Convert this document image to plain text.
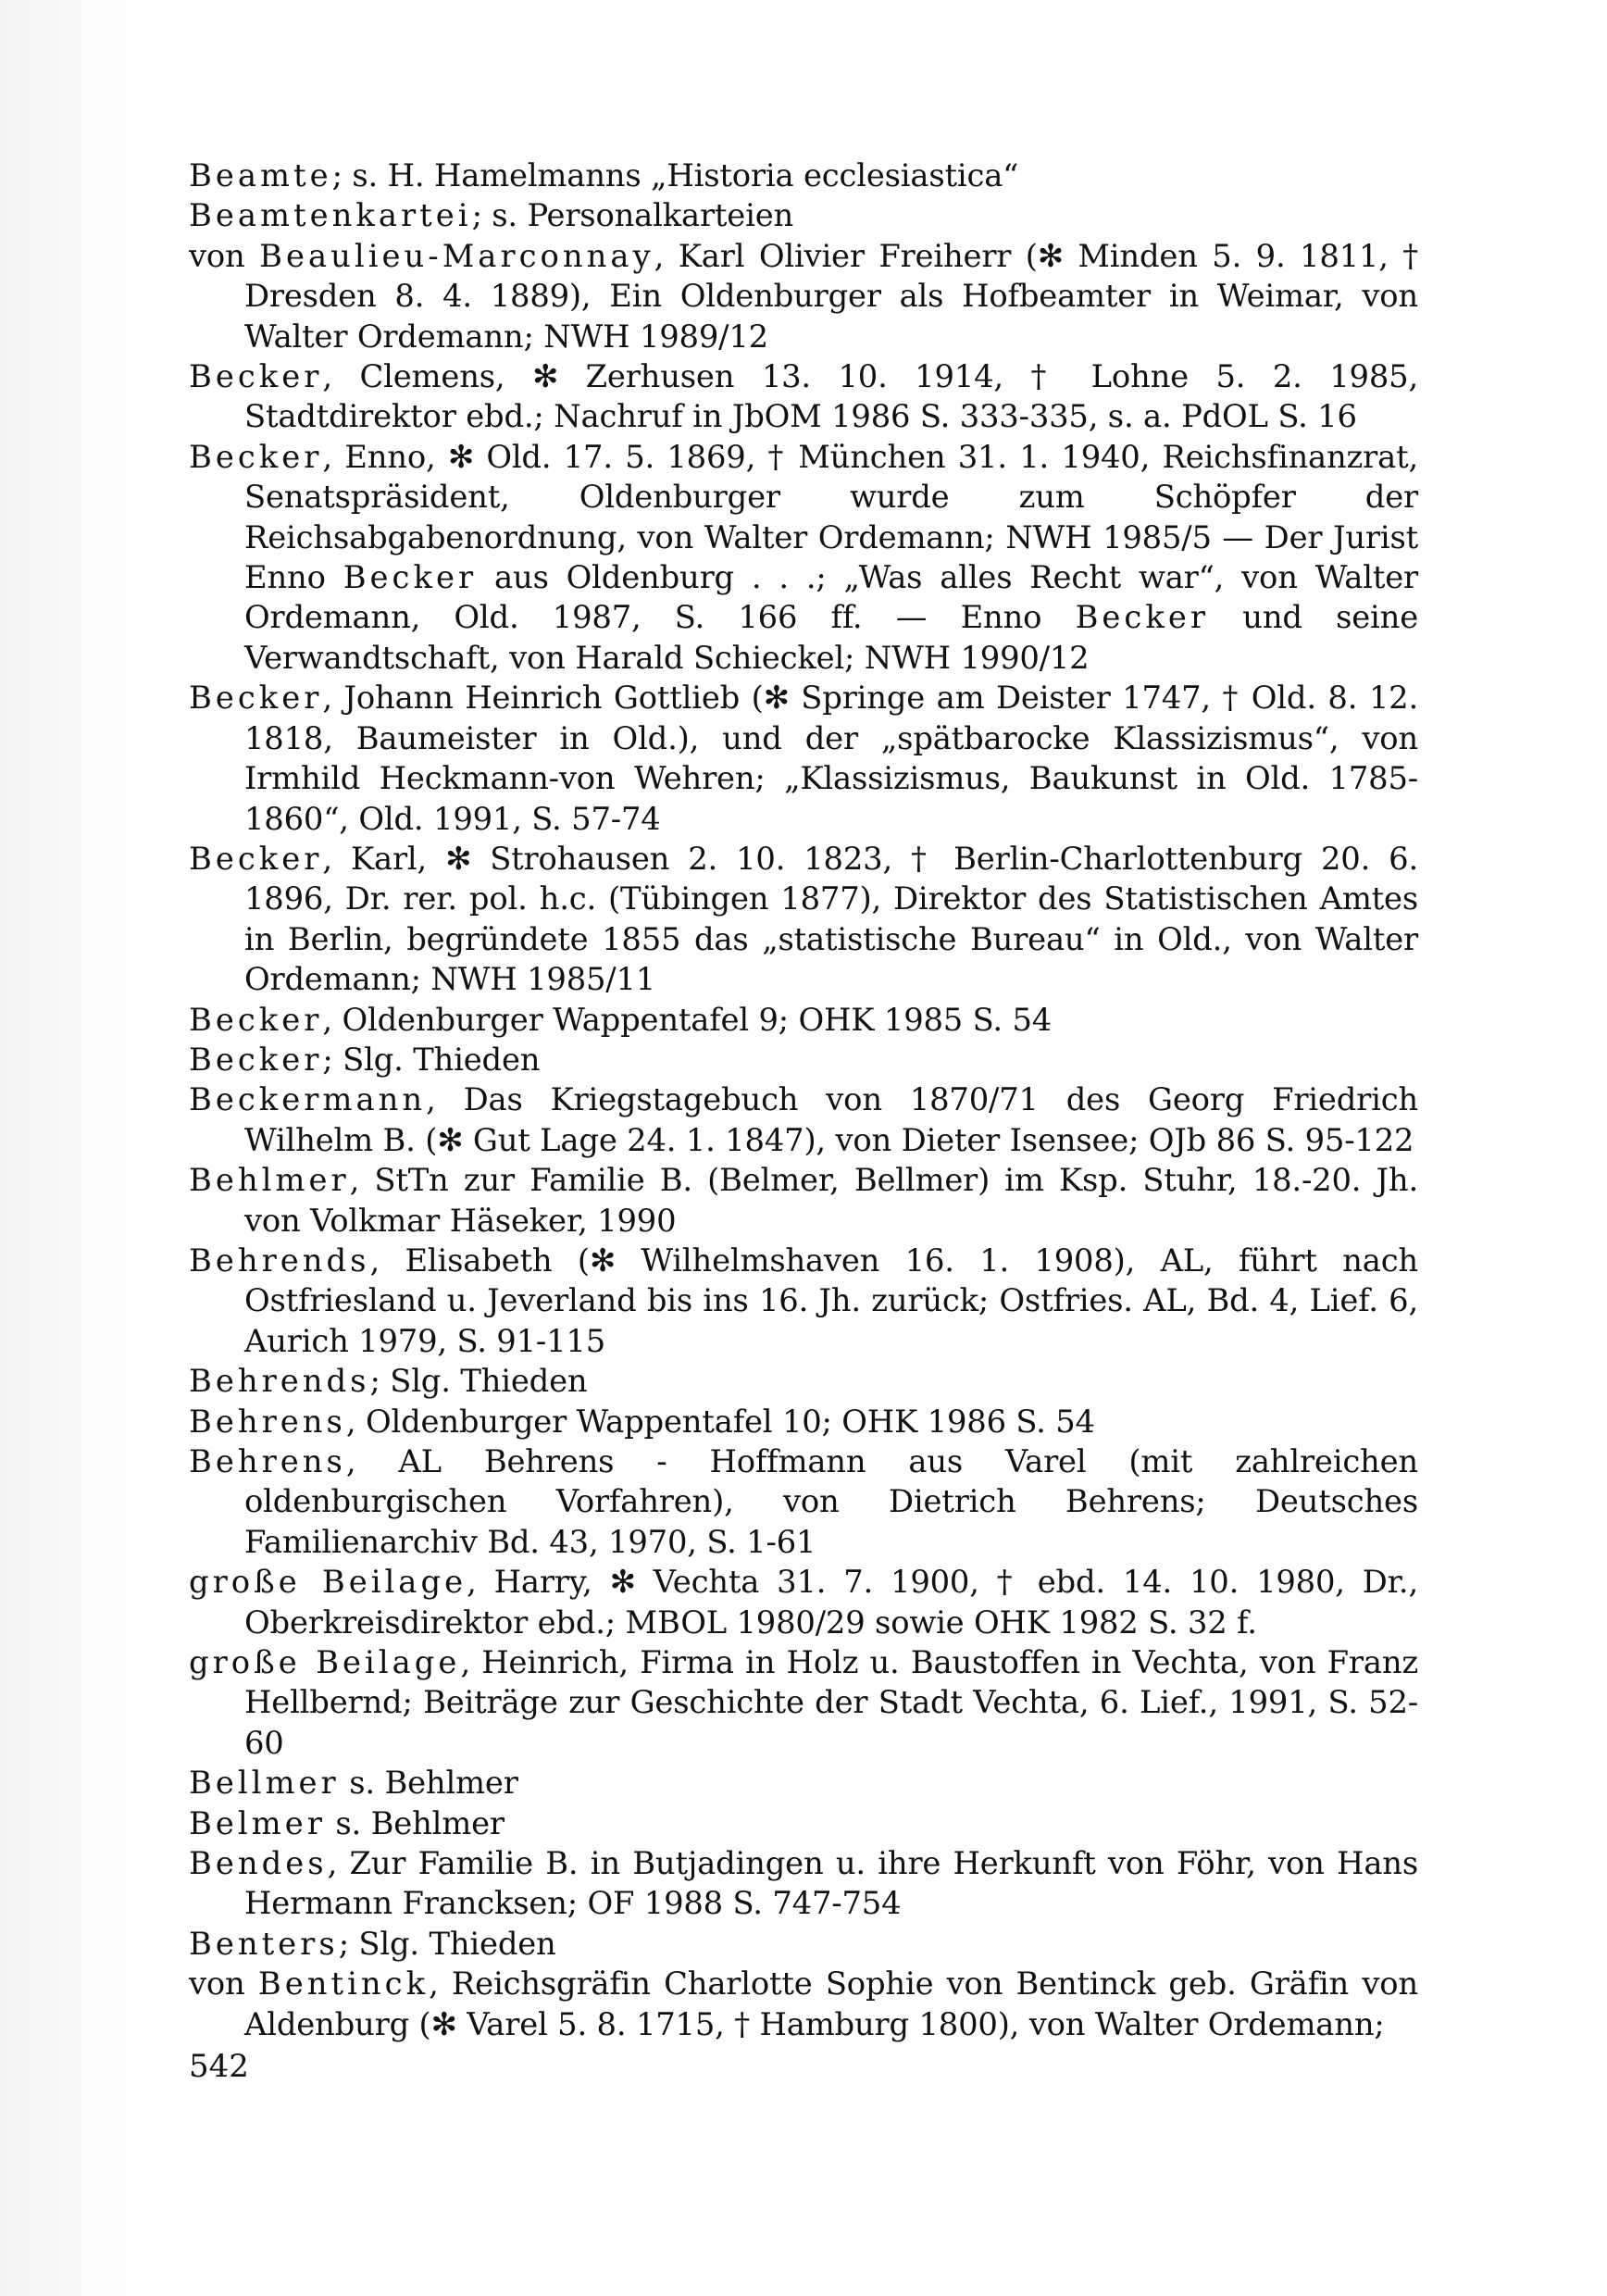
Beamte; s. H. Hamelmanns „Historia ecclesiastica“

Beamtenkartei; s. Personalkarteien

von Beaulieu-Marconnay, Karl Olivier Freiherr (✻ Minden 5. 9. 1811, † Dresden 8. 4. 1889), Ein Oldenburger als Hofbeamter in Weimar, von Walter Ordemann; NWH 1989/12

Becker, Clemens, ✻ Zerhusen 13. 10. 1914, † Lohne 5. 2. 1985, Stadtdirektor ebd.; Nachruf in JbOM 1986 S. 333-335, s. a. PdOL S. 16

Becker, Enno, ✻ Old. 17. 5. 1869, † München 31. 1. 1940, Reichsfinanzrat, Senatspräsident, Oldenburger wurde zum Schöpfer der Reichsabgabenordnung, von Walter Ordemann; NWH 1985/5 — Der Jurist Enno Becker aus Oldenburg . . .; „Was alles Recht war“, von Walter Ordemann, Old. 1987, S. 166 ff. — Enno Becker und seine Verwandtschaft, von Harald Schieckel; NWH 1990/12

Becker, Johann Heinrich Gottlieb (✻ Springe am Deister 1747, † Old. 8. 12. 1818, Baumeister in Old.), und der „spätbarocke Klassizismus“, von Irmhild Heckmann-von Wehren; „Klassizismus, Baukunst in Old. 1785-1860“, Old. 1991, S. 57-74

Becker, Karl, ✻ Strohausen 2. 10. 1823, † Berlin-Charlottenburg 20. 6. 1896, Dr. rer. pol. h.c. (Tübingen 1877), Direktor des Statistischen Amtes in Berlin, begründete 1855 das „statistische Bureau“ in Old., von Walter Ordemann; NWH 1985/11

Becker, Oldenburger Wappentafel 9; OHK 1985 S. 54

Becker; Slg. Thieden

Beckermann, Das Kriegstagebuch von 1870/71 des Georg Friedrich Wilhelm B. (✻ Gut Lage 24. 1. 1847), von Dieter Isensee; OJb 86 S. 95-122

Behlmer, StTn zur Familie B. (Belmer, Bellmer) im Ksp. Stuhr, 18.-20. Jh. von Volkmar Häseker, 1990

Behrends, Elisabeth (✻ Wilhelmshaven 16. 1. 1908), AL, führt nach Ostfriesland u. Jeverland bis ins 16. Jh. zurück; Ostfries. AL, Bd. 4, Lief. 6, Aurich 1979, S. 91-115

Behrends; Slg. Thieden

Behrens, Oldenburger Wappentafel 10; OHK 1986 S. 54

Behrens, AL Behrens - Hoffmann aus Varel (mit zahlreichen oldenburgischen Vorfahren), von Dietrich Behrens; Deutsches Familienarchiv Bd. 43, 1970, S. 1-61

große Beilage, Harry, ✻ Vechta 31. 7. 1900, † ebd. 14. 10. 1980, Dr., Oberkreisdirektor ebd.; MBOL 1980/29 sowie OHK 1982 S. 32 f.

große Beilage, Heinrich, Firma in Holz u. Baustoffen in Vechta, von Franz Hellbernd; Beiträge zur Geschichte der Stadt Vechta, 6. Lief., 1991, S. 52-60

Bellmer s. Behlmer

Belmer s. Behlmer

Bendes, Zur Familie B. in Butjadingen u. ihre Herkunft von Föhr, von Hans Hermann Francksen; OF 1988 S. 747-754

Benters; Slg. Thieden

von Bentinck, Reichsgräfin Charlotte Sophie von Bentinck geb. Gräfin von Aldenburg (✻ Varel 5. 8. 1715, † Hamburg 1800), von Walter Ordemann;

542
